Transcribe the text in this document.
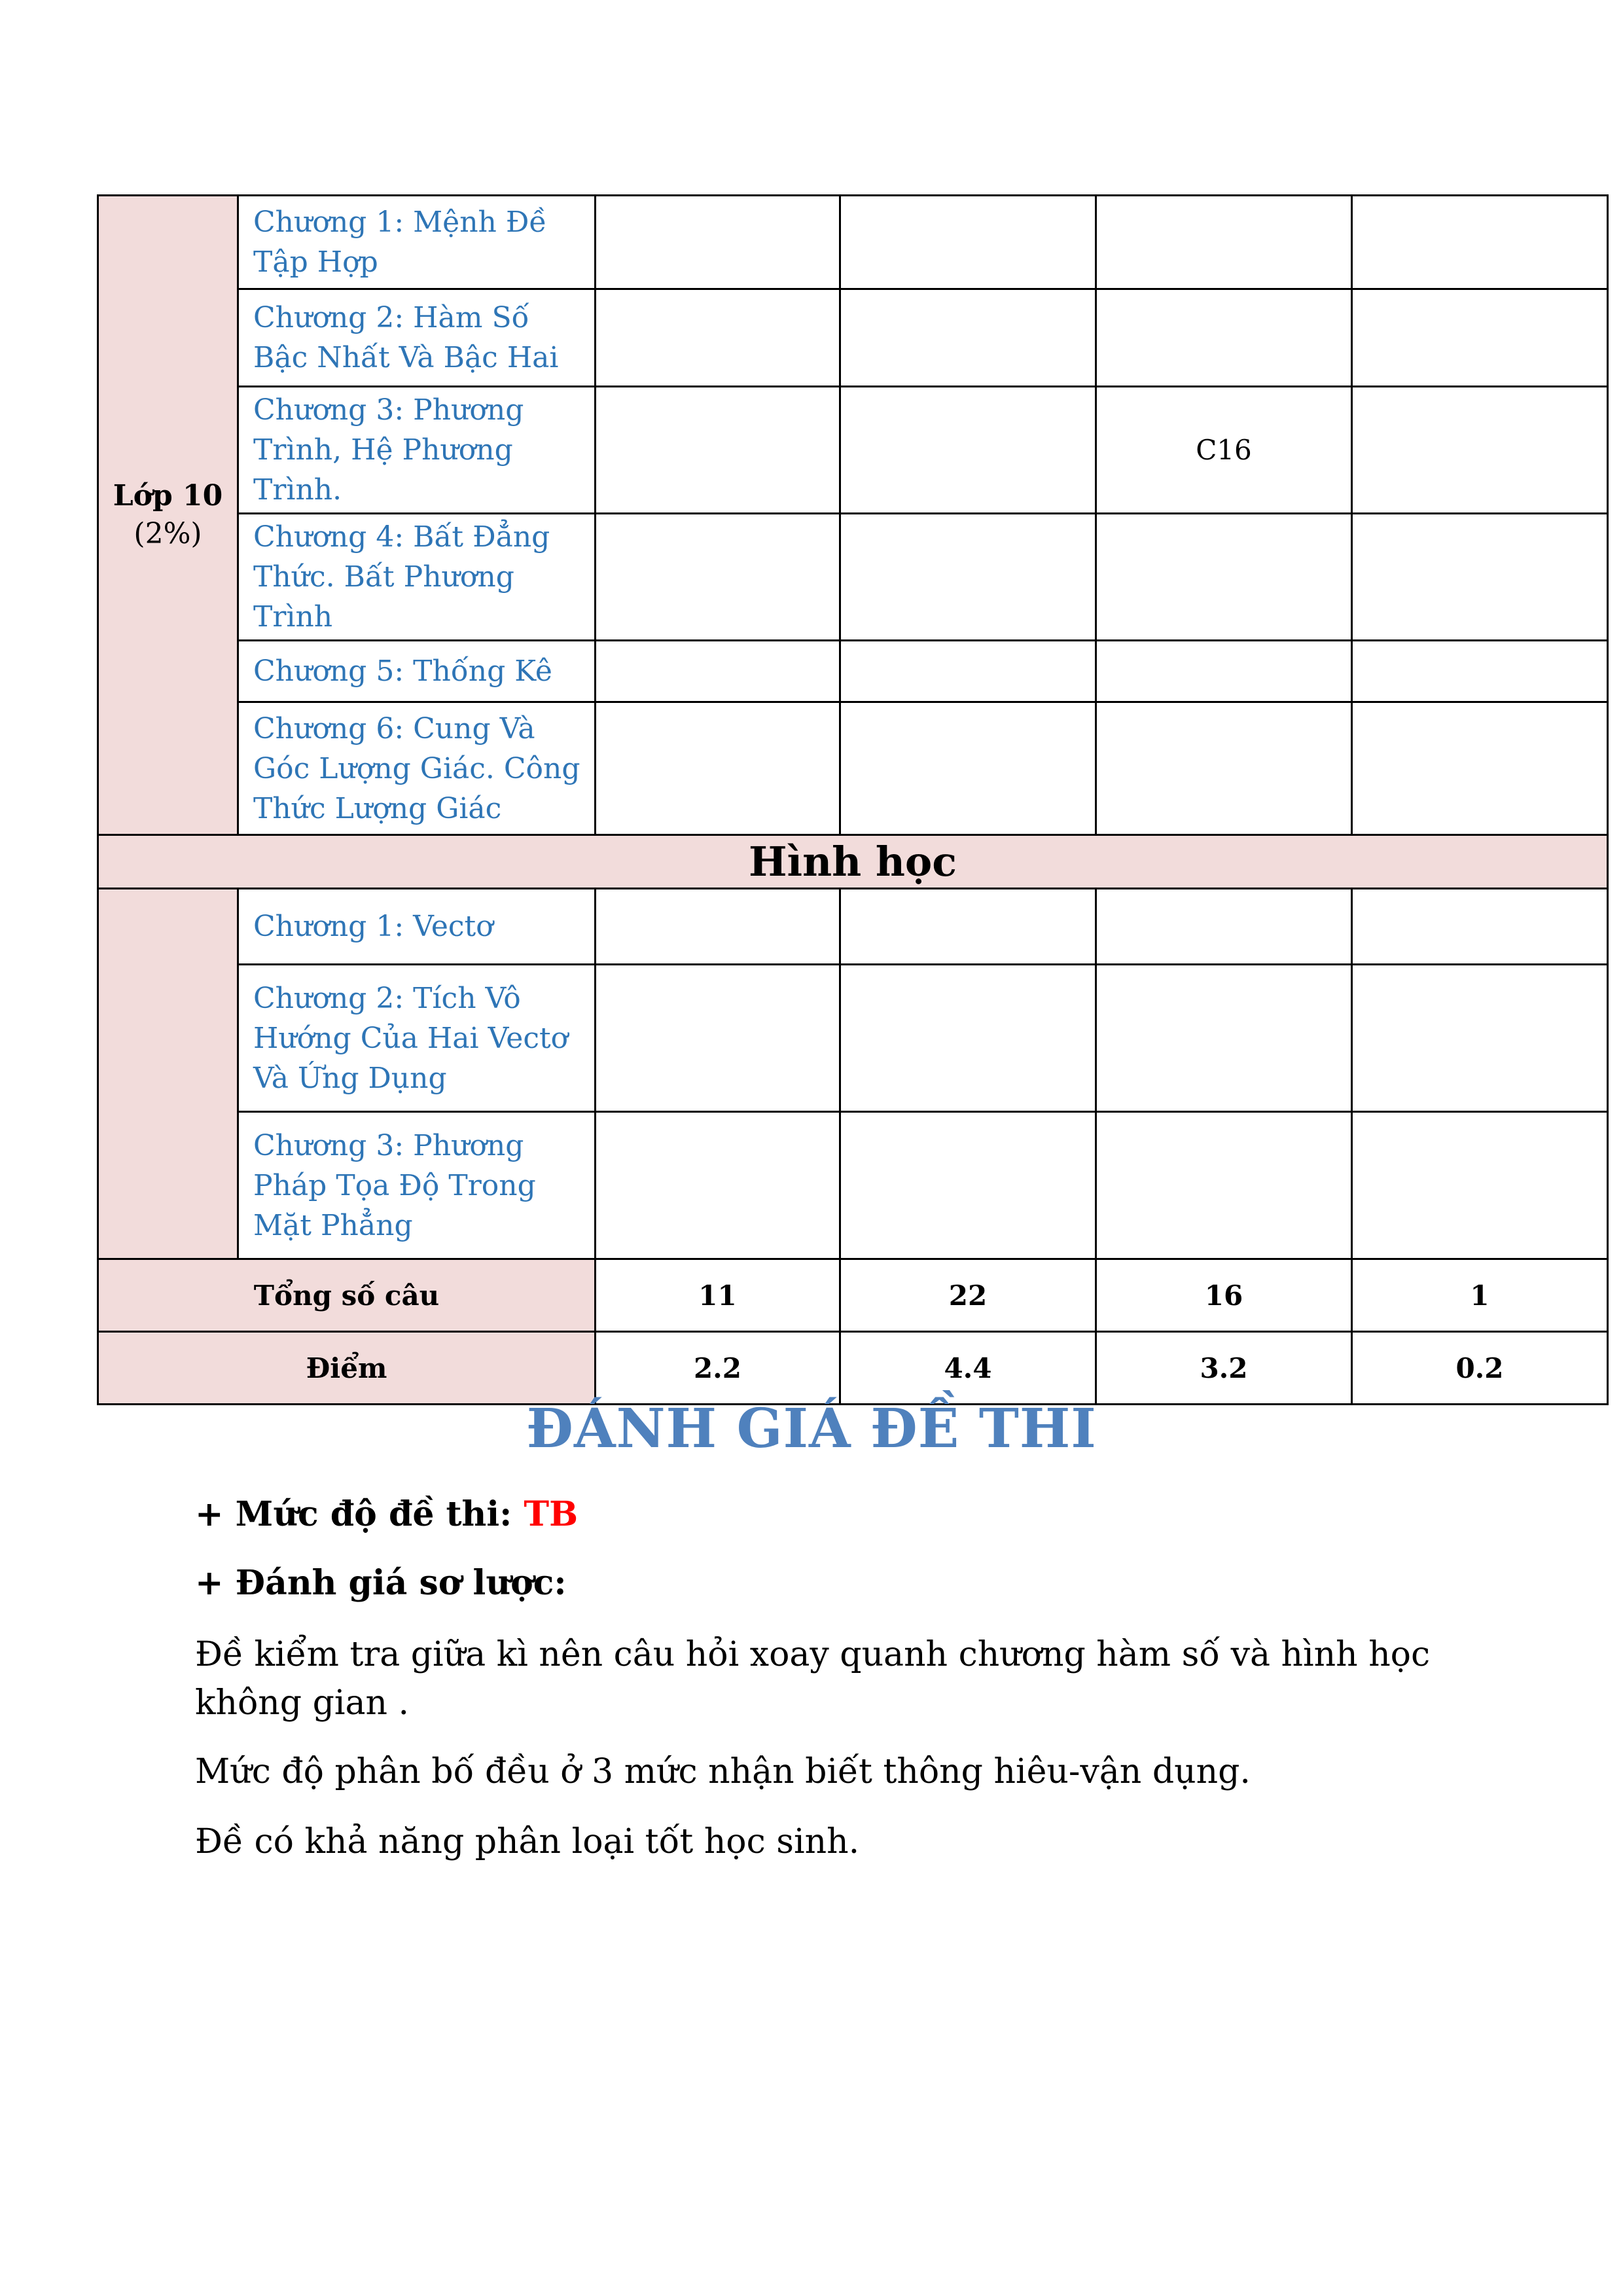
Lớp 10
(2%)	Chương 1: Mệnh Đề Tập Hợp				
	Chương 2: Hàm Số Bậc Nhất Và Bậc Hai				
	Chương 3: Phương Trình, Hệ Phương Trình.			C16	
	Chương 4: Bất Đẳng Thức. Bất Phương Trình				
	Chương 5: Thống Kê				
	Chương 6: Cung Và Góc Lượng Giác. Công Thức Lượng Giác				
Hình học					
	Chương 1: Vectơ				
	Chương 2: Tích Vô Hướng Của Hai Vectơ Và Ứng Dụng				
	Chương 3: Phương Pháp Tọa Độ Trong Mặt Phẳng				
Tổng số câu		11	22	16	1
Điểm		2.2	4.4	3.2	0.2
ĐÁNH GIÁ ĐỀ THI
+ Mức độ đề thi: TB
+ Đánh giá sơ lược:
Đề kiểm tra giữa kì nên câu hỏi xoay quanh chương hàm số và hình học
không gian .
Mức độ phân bố đều ở 3 mức nhận biết thông hiêu-vận dụng.
Đề có khả năng phân loại tốt học sinh.
